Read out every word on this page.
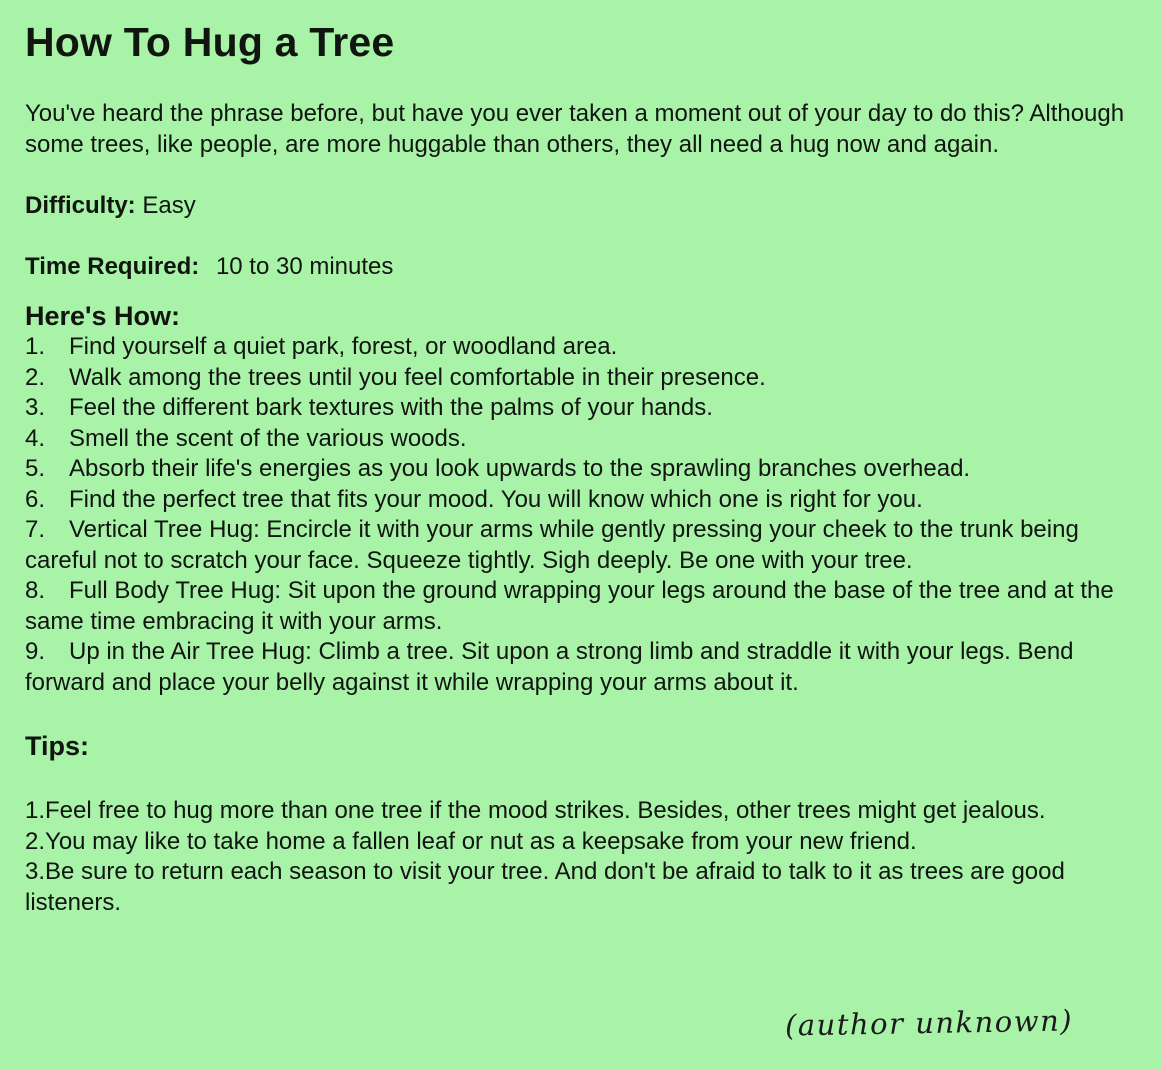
How To Hug a Tree

You've heard the phrase before, but have you ever taken a moment out of your day to do this? Although some trees, like people, are more huggable than others, they all need a hug now and again.

Difficulty: Easy

Time Required: 10 to 30 minutes

Here's How:
1. Find yourself a quiet park, forest, or woodland area.
2. Walk among the trees until you feel comfortable in their presence.
3. Feel the different bark textures with the palms of your hands.
4. Smell the scent of the various woods.
5. Absorb their life's energies as you look upwards to the sprawling branches overhead.
6. Find the perfect tree that fits your mood. You will know which one is right for you.
7. Vertical Tree Hug: Encircle it with your arms while gently pressing your cheek to the trunk being careful not to scratch your face. Squeeze tightly. Sigh deeply. Be one with your tree.
8. Full Body Tree Hug: Sit upon the ground wrapping your legs around the base of the tree and at the same time embracing it with your arms.
9. Up in the Air Tree Hug: Climb a tree. Sit upon a strong limb and straddle it with your legs. Bend forward and place your belly against it while wrapping your arms about it.
Tips:
1.Feel free to hug more than one tree if the mood strikes. Besides, other trees might get jealous.
2.You may like to take home a fallen leaf or nut as a keepsake from your new friend.
3.Be sure to return each season to visit your tree. And don't be afraid to talk to it as trees are good listeners.
(author unknown)
